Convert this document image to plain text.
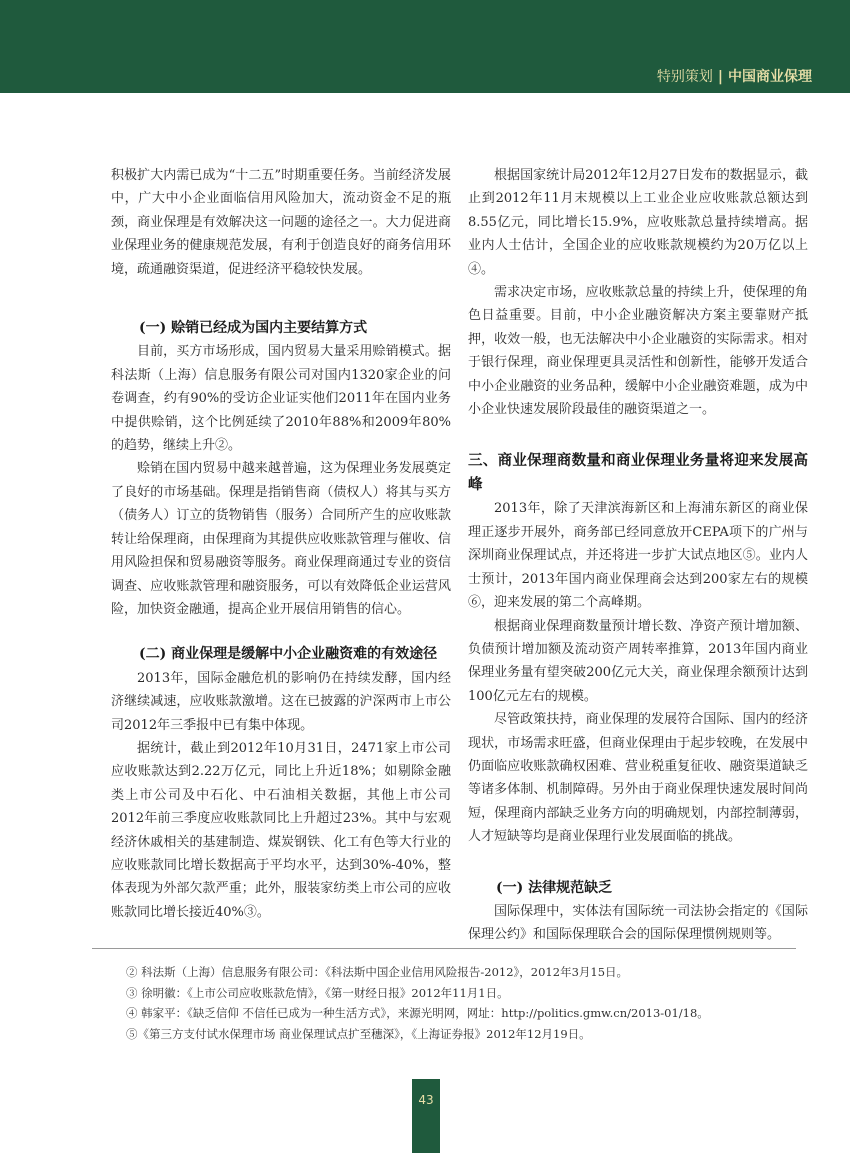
特别策划 | 中国商业保理

积极扩大内需已成为“十二五”时期重要任务。当前经济发展中，广大中小企业面临信用风险加大，流动资金不足的瓶颈，商业保理是有效解决这一问题的途径之一。大力促进商业保理业务的健康规范发展，有利于创造良好的商务信用环境，疏通融资渠道，促进经济平稳较快发展。

(一) 赊销已经成为国内主要结算方式

目前，买方市场形成，国内贸易大量采用赊销模式。据科法斯（上海）信息服务有限公司对国内1320家企业的问卷调查，约有90%的受访企业证实他们2011年在国内业务中提供赊销，这个比例延续了2010年88%和2009年80%的趋势，继续上升②。

赊销在国内贸易中越来越普遍，这为保理业务发展奠定了良好的市场基础。保理是指销售商（债权人）将其与买方（债务人）订立的货物销售（服务）合同所产生的应收账款转让给保理商，由保理商为其提供应收账款管理与催收、信用风险担保和贸易融资等服务。商业保理商通过专业的资信调查、应收账款管理和融资服务，可以有效降低企业运营风险，加快资金融通，提高企业开展信用销售的信心。

(二) 商业保理是缓解中小企业融资难的有效途径

2013年，国际金融危机的影响仍在持续发酵，国内经济继续减速，应收账款激增。这在已披露的沪深两市上市公司2012年三季报中已有集中体现。

据统计，截止到2012年10月31日，2471家上市公司应收账款达到2.22万亿元，同比上升近18%；如剔除金融类上市公司及中石化、中石油相关数据，其他上市公司2012年前三季度应收账款同比上升超过23%。其中与宏观经济休戚相关的基建制造、煤炭钢铁、化工有色等大行业的应收账款同比增长数据高于平均水平，达到30%-40%，整体表现为外部欠款严重；此外，服装家纺类上市公司的应收账款同比增长接近40%③。

根据国家统计局2012年12月27日发布的数据显示，截止到2012年11月末规模以上工业企业应收账款总额达到8.55亿元，同比增长15.9%，应收账款总量持续增高。据业内人士估计，全国企业的应收账款规模约为20万亿以上④。

需求决定市场，应收账款总量的持续上升，使保理的角色日益重要。目前，中小企业融资解决方案主要靠财产抵押，收效一般，也无法解决中小企业融资的实际需求。相对于银行保理，商业保理更具灵活性和创新性，能够开发适合中小企业融资的业务品种，缓解中小企业融资难题，成为中小企业快速发展阶段最佳的融资渠道之一。

三、商业保理商数量和商业保理业务量将迎来发展高峰

2013年，除了天津滨海新区和上海浦东新区的商业保理正逐步开展外，商务部已经同意放开CEPA项下的广州与深圳商业保理试点，并还将进一步扩大试点地区⑤。业内人士预计，2013年国内商业保理商会达到200家左右的规模⑥，迎来发展的第二个高峰期。

根据商业保理商数量预计增长数、净资产预计增加额、负债预计增加额及流动资产周转率推算，2013年国内商业保理业务量有望突破200亿元大关，商业保理余额预计达到100亿元左右的规模。

尽管政策扶持，商业保理的发展符合国际、国内的经济现状，市场需求旺盛，但商业保理由于起步较晚，在发展中仍面临应收账款确权困难、营业税重复征收、融资渠道缺乏等诸多体制、机制障碍。另外由于商业保理快速发展时间尚短，保理商内部缺乏业务方向的明确规划，内部控制薄弱，人才短缺等均是商业保理行业发展面临的挑战。

(一) 法律规范缺乏

国际保理中，实体法有国际统一司法协会指定的《国际保理公约》和国际保理联合会的国际保理惯例规则等。

② 科法斯（上海）信息服务有限公司：《科法斯中国企业信用风险报告-2012》，2012年3月15日。
③ 徐明徽：《上市公司应收账款危情》，《第一财经日报》2012年11月1日。
④ 韩家平：《缺乏信仰 不信任已成为一种生活方式》，来源光明网，网址：http://politics.gmw.cn/2013-01/18。
⑤《第三方支付试水保理市场 商业保理试点扩至穗深》，《上海证券报》2012年12月19日。
43
